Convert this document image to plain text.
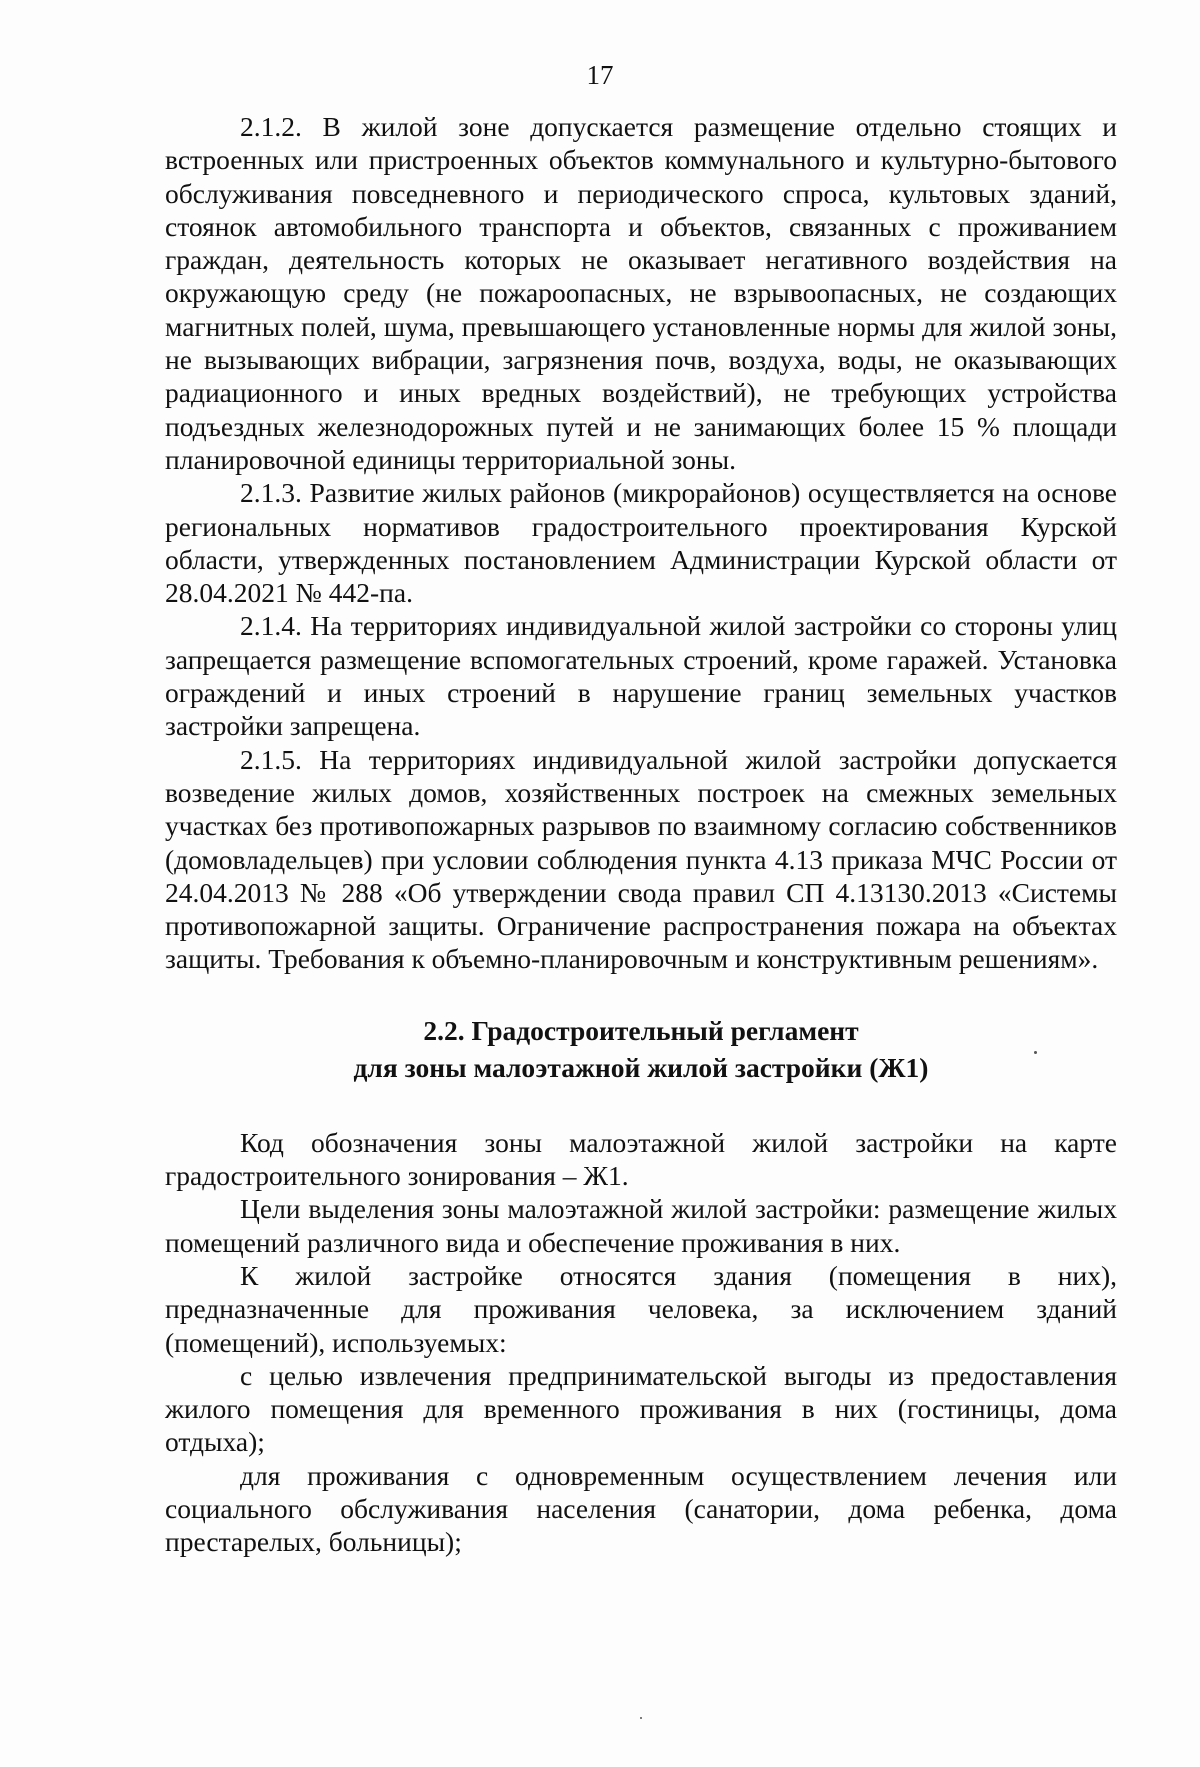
17

2.1.2. В жилой зоне допускается размещение отдельно стоящих и встроенных или пристроенных объектов коммунального и культурно-бытового обслуживания повседневного и периодического спроса, культовых зданий, стоянок автомобильного транспорта и объектов, связанных с проживанием граждан, деятельность которых не оказывает негативного воздействия на окружающую среду (не пожароопасных, не взрывоопасных, не создающих магнитных полей, шума, превышающего установленные нормы для жилой зоны, не вызывающих вибрации, загрязнения почв, воздуха, воды, не оказывающих радиационного и иных вредных воздействий), не требующих устройства подъездных железнодорожных путей и не занимающих более 15 % площади планировочной единицы территориальной зоны.

2.1.3. Развитие жилых районов (микрорайонов) осуществляется на основе региональных нормативов градостроительного проектирования Курской области, утвержденных постановлением Администрации Курской области от 28.04.2021 № 442-па.

2.1.4. На территориях индивидуальной жилой застройки со стороны улиц запрещается размещение вспомогательных строений, кроме гаражей. Установка ограждений и иных строений в нарушение границ земельных участков застройки запрещена.

2.1.5. На территориях индивидуальной жилой застройки допускается возведение жилых домов, хозяйственных построек на смежных земельных участках без противопожарных разрывов по взаимному согласию собственников (домовладельцев) при условии соблюдения пункта 4.13 приказа МЧС России от 24.04.2013 № 288 «Об утверждении свода правил СП 4.13130.2013 «Системы противопожарной защиты. Ограничение распространения пожара на объектах защиты. Требования к объемно-планировочным и конструктивным решениям».

2.2. Градостроительный регламент
для зоны малоэтажной жилой застройки (Ж1)

Код обозначения зоны малоэтажной жилой застройки на карте градостроительного зонирования – Ж1.

Цели выделения зоны малоэтажной жилой застройки: размещение жилых помещений различного вида и обеспечение проживания в них.

К жилой застройке относятся здания (помещения в них), предназначенные для проживания человека, за исключением зданий (помещений), используемых:

с целью извлечения предпринимательской выгоды из предоставления жилого помещения для временного проживания в них (гостиницы, дома отдыха);

для проживания с одновременным осуществлением лечения или социального обслуживания населения (санатории, дома ребенка, дома престарелых, больницы);
